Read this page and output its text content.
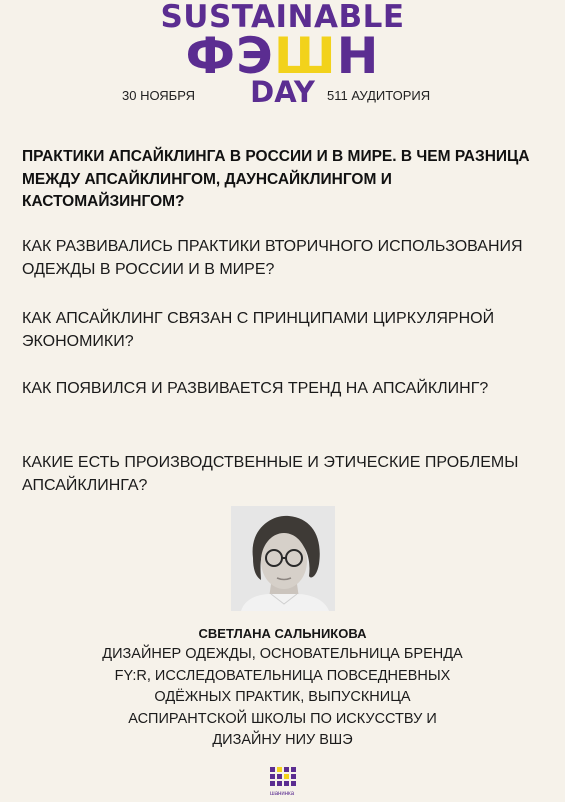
SUSTAINABLE
ФЭШН
DAY
30 НОЯБРЯ	511 АУДИТОРИЯ

ПРАКТИКИ АПСАЙКЛИНГА В РОССИИ И В МИРЕ. В ЧЕМ РАЗНИЦА МЕЖДУ АПСАЙКЛИНГОМ, ДАУНСАЙКЛИНГОМ И КАСТОМАЙЗИНГОМ?

КАК РАЗВИВАЛИСЬ ПРАКТИКИ ВТОРИЧНОГО ИСПОЛЬЗОВАНИЯ ОДЕЖДЫ В РОССИИ И В МИРЕ?

КАК АПСАЙКЛИНГ СВЯЗАН С ПРИНЦИПАМИ ЦИРКУЛЯРНОЙ ЭКОНОМИКИ?

КАК ПОЯВИЛСЯ И РАЗВИВАЕТСЯ ТРЕНД НА АПСАЙКЛИНГ?

КАКИЕ ЕСТЬ ПРОИЗВОДСТВЕННЫЕ И ЭТИЧЕСКИЕ ПРОБЛЕМЫ АПСАЙКЛИНГА?

СВЕТЛАНА САЛЬНИКОВА
ДИЗАЙНЕР ОДЕЖДЫ, ОСНОВАТЕЛЬНИЦА БРЕНДА FY:R, ИССЛЕДОВАТЕЛЬНИЦА ПОВСЕДНЕВНЫХ ОДЁЖНЫХ ПРАКТИК, ВЫПУСКНИЦА АСПИРАНТСКОЙ ШКОЛЫ ПО ИСКУССТВУ И ДИЗАЙНУ НИУ ВШЭ
шанинка
